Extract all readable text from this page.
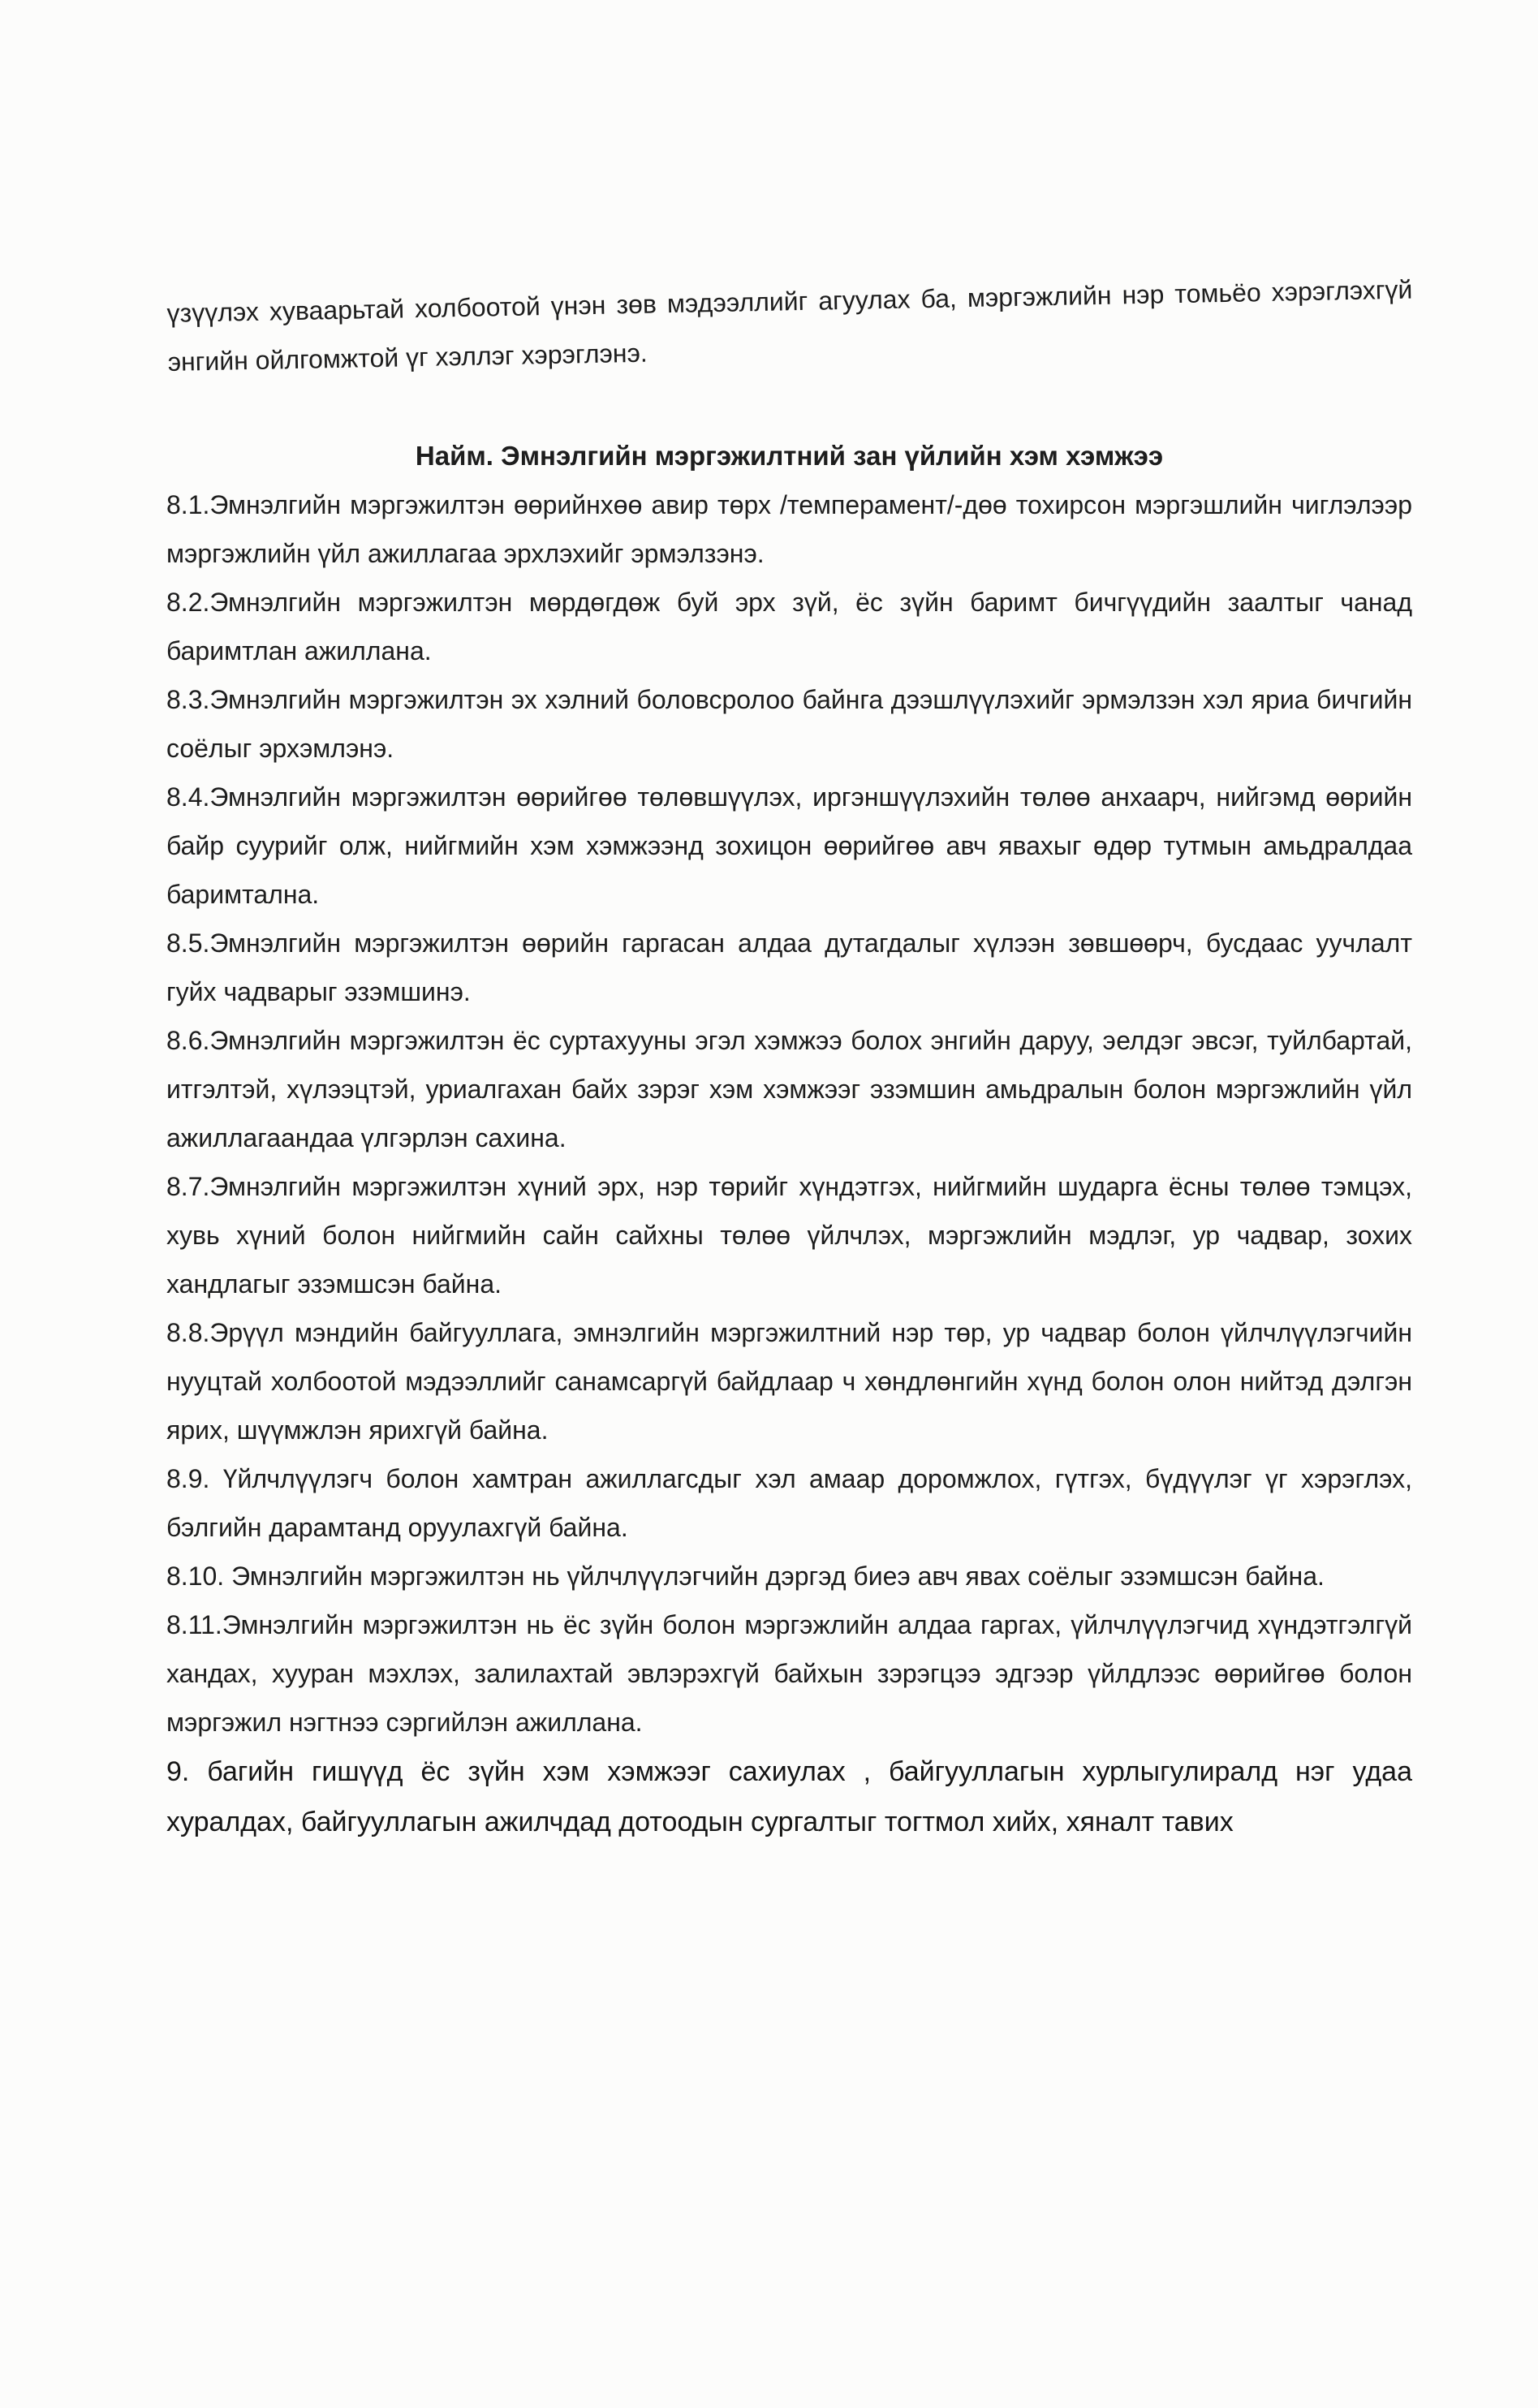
үзүүлэх хуваарьтай холбоотой үнэн зөв мэдээллийг агуулах ба, мэргэжлийн нэр томьёо хэрэглэхгүй энгийн ойлгомжтой үг хэллэг хэрэглэнэ.

Найм. Эмнэлгийн мэргэжилтний зан үйлийн хэм хэмжээ

8.1.Эмнэлгийн мэргэжилтэн өөрийнхөө авир төрх /темперамент/-дөө тохирсон мэргэшлийн чиглэлээр мэргэжлийн үйл ажиллагаа эрхлэхийг эрмэлзэнэ.

8.2.Эмнэлгийн мэргэжилтэн мөрдөгдөж буй эрх зүй, ёс зүйн баримт бичгүүдийн заалтыг чанад баримтлан ажиллана.

8.3.Эмнэлгийн мэргэжилтэн эх хэлний боловсролоо байнга дээшлүүлэхийг эрмэлзэн хэл яриа бичгийн соёлыг эрхэмлэнэ.

8.4.Эмнэлгийн мэргэжилтэн өөрийгөө төлөвшүүлэх, иргэншүүлэхийн төлөө анхаарч, нийгэмд өөрийн байр суурийг олж, нийгмийн хэм хэмжээнд зохицон өөрийгөө авч явахыг өдөр тутмын амьдралдаа баримтална.

8.5.Эмнэлгийн мэргэжилтэн өөрийн гаргасан алдаа дутагдалыг хүлээн зөвшөөрч, бусдаас уучлалт гуйх чадварыг эзэмшинэ.

8.6.Эмнэлгийн мэргэжилтэн ёс суртахууны эгэл хэмжээ болох энгийн даруу, эелдэг эвсэг, туйлбартай, итгэлтэй, хүлээцтэй, уриалгахан байх зэрэг хэм хэмжээг эзэмшин амьдралын болон мэргэжлийн үйл ажиллагаандаа үлгэрлэн сахина.

8.7.Эмнэлгийн мэргэжилтэн хүний эрх, нэр төрийг хүндэтгэх, нийгмийн шударга ёсны төлөө тэмцэх, хувь хүний болон нийгмийн сайн сайхны төлөө үйлчлэх, мэргэжлийн мэдлэг, ур чадвар, зохих хандлагыг эзэмшсэн байна.

8.8.Эрүүл мэндийн байгууллага, эмнэлгийн мэргэжилтний нэр төр, ур чадвар болон үйлчлүүлэгчийн нууцтай холбоотой мэдээллийг санамсаргүй байдлаар ч хөндлөнгийн хүнд болон олон нийтэд дэлгэн ярих, шүүмжлэн ярихгүй байна.

8.9. Үйлчлүүлэгч болон хамтран ажиллагсдыг хэл амаар доромжлох, гүтгэх, бүдүүлэг үг хэрэглэх, бэлгийн дарамтанд оруулахгүй байна.

8.10. Эмнэлгийн мэргэжилтэн нь үйлчлүүлэгчийн дэргэд биеэ авч явах соёлыг эзэмшсэн байна.

8.11.Эмнэлгийн мэргэжилтэн нь ёс зүйн болон мэргэжлийн алдаа гаргах, үйлчлүүлэгчид хүндэтгэлгүй хандах, хууран мэхлэх, залилахтай эвлэрэхгүй байхын зэрэгцээ эдгээр үйлдлээс өөрийгөө болон мэргэжил нэгтнээ сэргийлэн ажиллана.

9. багийн гишүүд ёс зүйн хэм хэмжээг сахиулах , байгууллагын хурлыгулирaлд нэг удаа хуралдах, байгууллагын ажилчдад дотоодын сургалтыг тогтмол хийх, хяналт тавих
